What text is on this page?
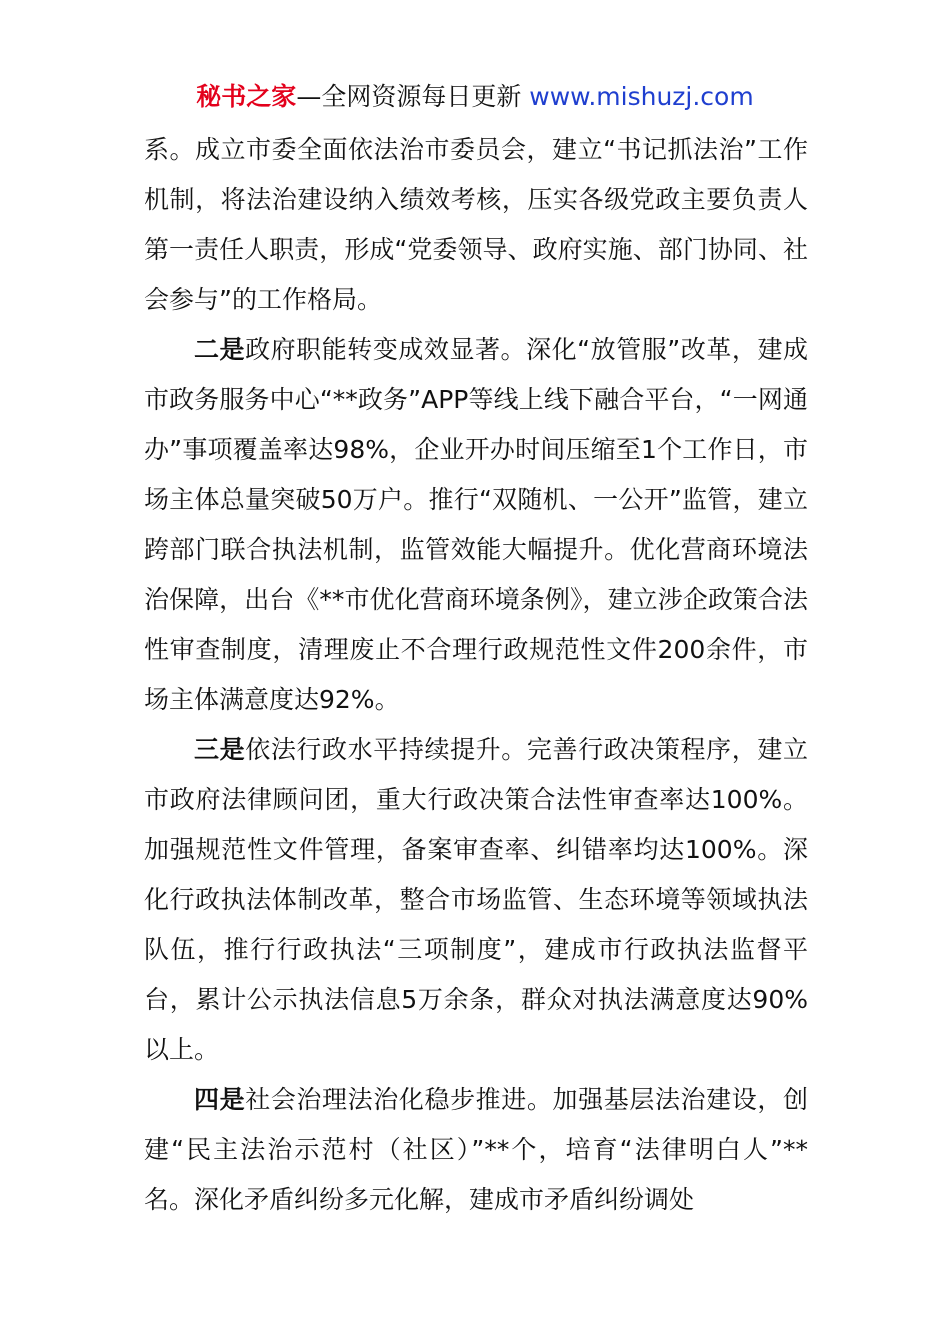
秘书之家—全网资源每日更新 www.mishuzj.com

系。成立市委全面依法治市委员会，建立“书记抓法治”工作机制，将法治建设纳入绩效考核，压实各级党政主要负责人第一责任人职责，形成“党委领导、政府实施、部门协同、社会参与”的工作格局。

二是政府职能转变成效显著。深化“放管服”改革，建成市政务服务中心“**政务”APP等线上线下融合平台，“一网通办”事项覆盖率达98%，企业开办时间压缩至1个工作日，市场主体总量突破50万户。推行“双随机、一公开”监管，建立跨部门联合执法机制，监管效能大幅提升。优化营商环境法治保障，出台《**市优化营商环境条例》，建立涉企政策合法性审查制度，清理废止不合理行政规范性文件200余件，市场主体满意度达92%。

三是依法行政水平持续提升。完善行政决策程序，建立市政府法律顾问团，重大行政决策合法性审查率达100%。加强规范性文件管理，备案审查率、纠错率均达100%。深化行政执法体制改革，整合市场监管、生态环境等领域执法队伍，推行行政执法“三项制度”，建成市行政执法监督平台，累计公示执法信息5万余条，群众对执法满意度达90%以上。

四是社会治理法治化稳步推进。加强基层法治建设，创建“民主法治示范村（社区）”**个，培育“法律明白人”**名。深化矛盾纠纷多元化解，建成市矛盾纠纷调处
